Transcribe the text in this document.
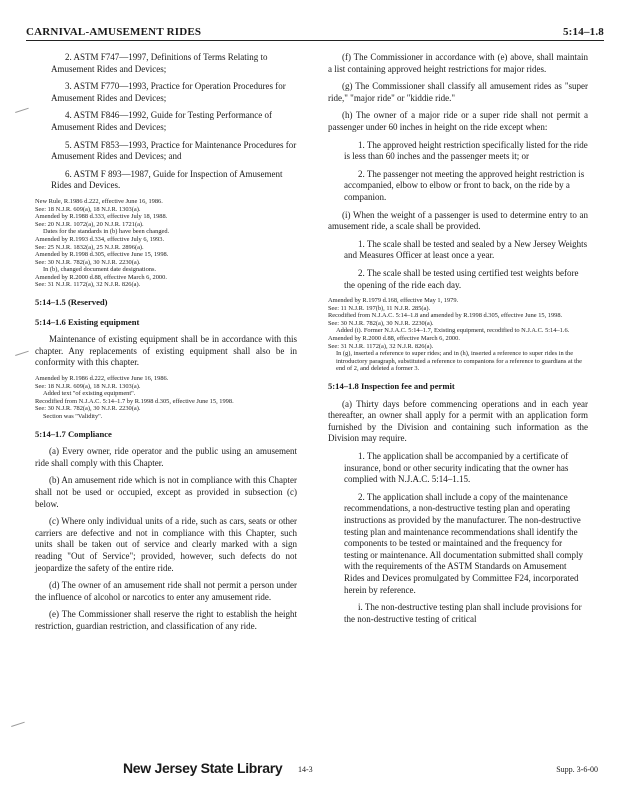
CARNIVAL-AMUSEMENT RIDES	5:14–1.8
2. ASTM F747—1997, Definitions of Terms Relating to Amusement Rides and Devices;
3. ASTM F770—1993, Practice for Operation Procedures for Amusement Rides and Devices;
4. ASTM F846—1992, Guide for Testing Performance of Amusement Rides and Devices;
5. ASTM F853—1993, Practice for Maintenance Procedures for Amusement Rides and Devices; and
6. ASTM F 893—1987, Guide for Inspection of Amusement Rides and Devices.
New Rule, R.1986 d.222, effective June 16, 1986.
See: 18 N.J.R. 609(a), 18 N.J.R. 1303(a).
Amended by R.1988 d.333, effective July 18, 1988.
See: 20 N.J.R. 1072(a), 20 N.J.R. 1721(a).
Dates for the standards in (b) have been changed.
Amended by R.1993 d.334, effective July 6, 1993.
See: 25 N.J.R. 1832(a), 25 N.J.R. 2896(a).
Amended by R.1998 d.305, effective June 15, 1998.
See: 30 N.J.R. 782(a), 30 N.J.R. 2230(a).
In (b), changed document date designations.
Amended by R.2000 d.88, effective March 6, 2000.
See: 31 N.J.R. 1172(a), 32 N.J.R. 826(a).
5:14–1.5 (Reserved)
5:14–1.6 Existing equipment

Maintenance of existing equipment shall be in accordance with this chapter. Any replacements of existing equipment shall also be in conformity with this chapter.

Amended by R.1986 d.222, effective June 16, 1986.
See: 18 N.J.R. 609(a), 18 N.J.R. 1303(a).
Added text "of existing equipment".
Recodified from N.J.A.C. 5:14–1.7 by R.1998 d.305, effective June 15, 1998.
See: 30 N.J.R. 782(a), 30 N.J.R. 2230(a).
Section was "Validity".
5:14–1.7 Compliance

(a) Every owner, ride operator and the public using an amusement ride shall comply with this Chapter.

(b) An amusement ride which is not in compliance with this Chapter shall not be used or occupied, except as provided in subsection (c) below.

(c) Where only individual units of a ride, such as cars, seats or other carriers are defective and not in compliance with this Chapter, such units shall be taken out of service and clearly marked with a sign reading "Out of Service"; provided, however, such defects do not jeopardize the safety of the entire ride.

(d) The owner of an amusement ride shall not permit a person under the influence of alcohol or narcotics to enter any amusement ride.

(e) The Commissioner shall reserve the right to establish the height restriction, guardian restriction, and classification of any ride.

(f) The Commissioner in accordance with (e) above, shall maintain a list containing approved height restrictions for major rides.

(g) The Commissioner shall classify all amusement rides as "super ride," "major ride" or "kiddie ride."

(h) The owner of a major ride or a super ride shall not permit a passenger under 60 inches in height on the ride except when:

1. The approved height restriction specifically listed for the ride is less than 60 inches and the passenger meets it; or
2. The passenger not meeting the approved height restriction is accompanied, elbow to elbow or front to back, on the ride by a companion.

(i) When the weight of a passenger is used to determine entry to an amusement ride, a scale shall be provided.

1. The scale shall be tested and sealed by a New Jersey Weights and Measures Officer at least once a year.
2. The scale shall be tested using certified test weights before the opening of the ride each day.
Amended by R.1979 d.168, effective May 1, 1979.
See: 11 N.J.R. 197(b), 11 N.J.R. 285(a).
Recodified from N.J.A.C. 5:14–1.8 and amended by R.1998 d.305, effective June 15, 1998.
See: 30 N.J.R. 782(a), 30 N.J.R. 2230(a).
Added (i). Former N.J.A.C. 5:14–1.7, Existing equipment, recodified to N.J.A.C. 5:14–1.6.
Amended by R.2000 d.88, effective March 6, 2000.
See: 31 N.J.R. 1172(a), 32 N.J.R. 826(a).
In (g), inserted a reference to super rides; and in (h), inserted a reference to super rides in the introductory paragraph, substituted a reference to companions for a reference to guardians at the end of 2, and deleted a former 3.
5:14–1.8 Inspection fee and permit

(a) Thirty days before commencing operations and in each year thereafter, an owner shall apply for a permit with an application form furnished by the Division and containing such information as the Division may require.

1. The application shall be accompanied by a certificate of insurance, bond or other security indicating that the owner has complied with N.J.A.C. 5:14–1.15.
2. The application shall include a copy of the maintenance recommendations, a non-destructive testing plan and operating instructions as provided by the manufacturer. The non-destructive testing plan and maintenance recommendations shall identify the components to be tested or maintained and the frequency for testing or maintenance. All documentation submitted shall comply with the requirements of the ASTM Standards on Amusement Rides and Devices promulgated by Committee F24, incorporated herein by reference.
i. The non-destructive testing plan shall include provisions for the non-destructive testing of critical
New Jersey State Library 14-3	Supp. 3-6-00
